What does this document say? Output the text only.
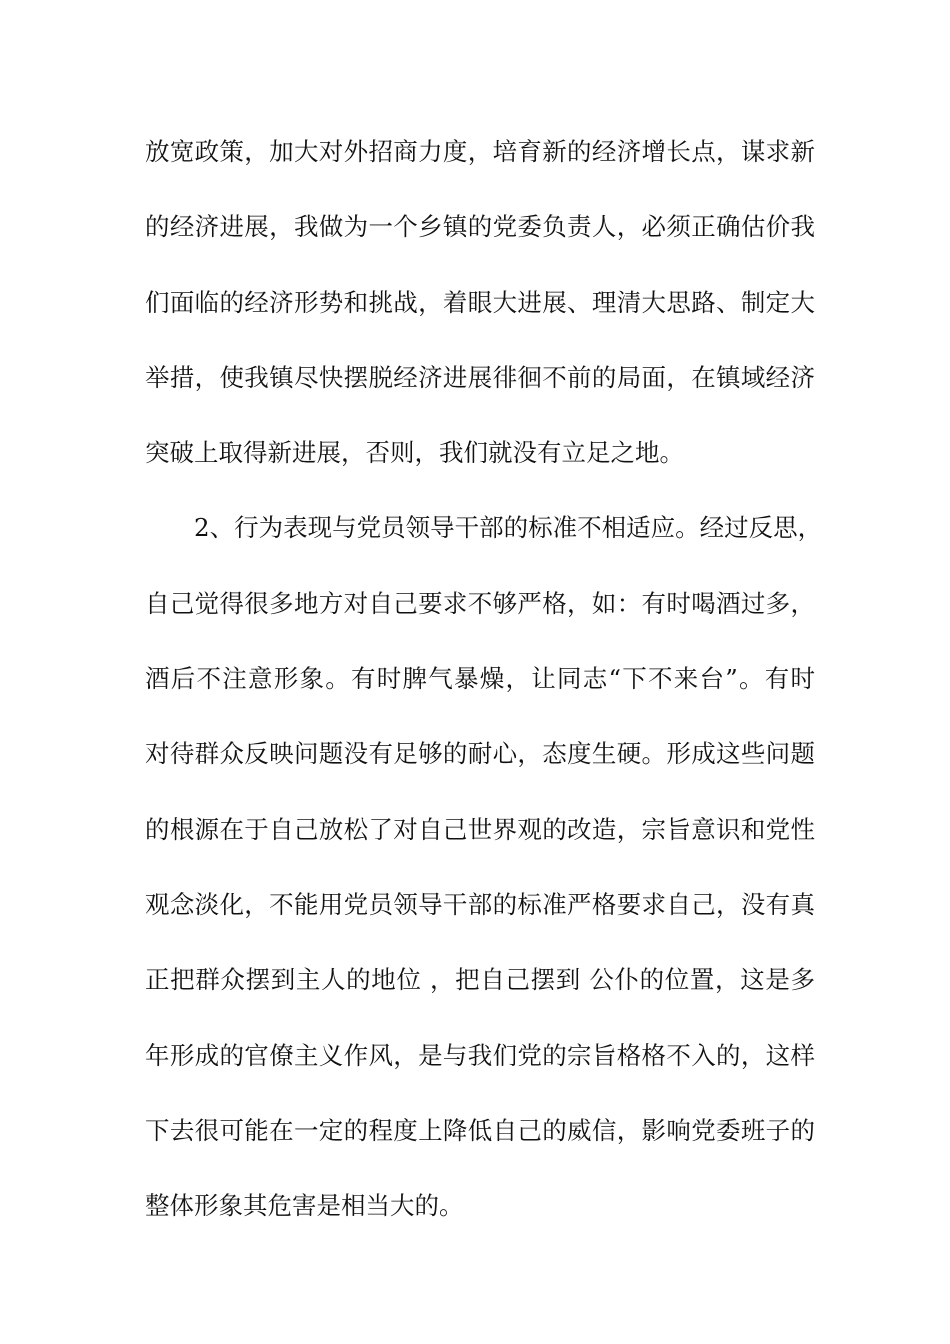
放宽政策，加大对外招商力度，培育新的经济增长点，谋求新
的经济进展，我做为一个乡镇的党委负责人，必须正确估价我
们面临的经济形势和挑战，着眼大进展、理清大思路、制定大
举措，使我镇尽快摆脱经济进展徘徊不前的局面，在镇域经济
突破上取得新进展，否则，我们就没有立足之地。
2、行为表现与党员领导干部的标准不相适应。经过反思，
自己觉得很多地方对自己要求不够严格，如：有时喝酒过多，
酒后不注意形象。有时脾气暴燥，让同志“下不来台”。有时
对待群众反映问题没有足够的耐心，态度生硬。形成这些问题
的根源在于自己放松了对自己世界观的改造，宗旨意识和党性
观念淡化，不能用党员领导干部的标准严格要求自己，没有真
正把群众摆到主人的地位 ，把自己摆到 公仆的位置，这是多
年形成的官僚主义作风，是与我们党的宗旨格格不入的，这样
下去很可能在一定的程度上降低自己的威信，影响党委班子的
整体形象其危害是相当大的。
